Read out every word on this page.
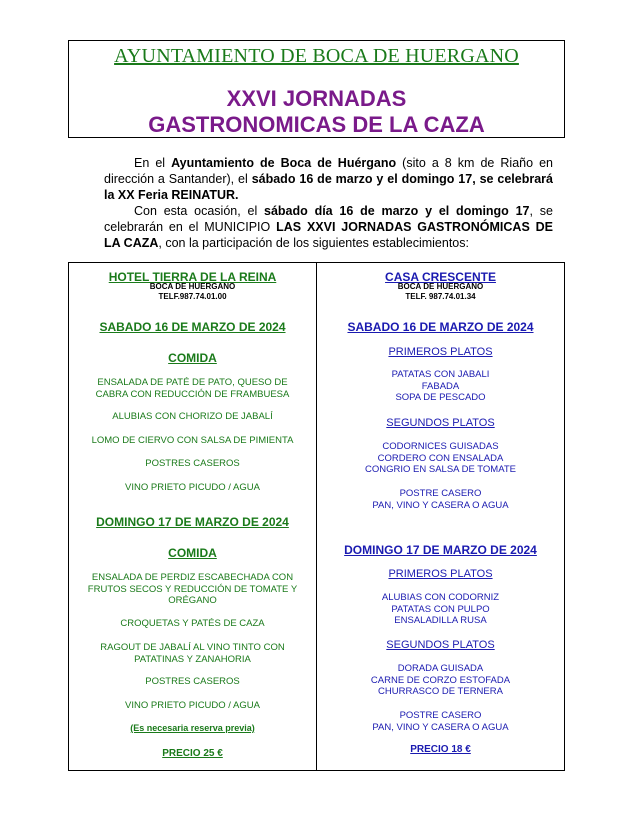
AYUNTAMIENTO DE BOCA DE HUERGANO
XXVI JORNADAS
GASTRONOMICAS DE LA CAZA

En el Ayuntamiento de Boca de Huérgano (sito a 8 km de Riaño en dirección a Santander), el sábado 16 de marzo y el domingo 17, se celebrará la XX Feria REINATUR.

Con esta ocasión, el sábado día 16 de marzo y el domingo 17, se celebrarán en el MUNICIPIO LAS XXVI JORNADAS GASTRONÓMICAS DE LA CAZA, con la participación de los siguientes establecimientos:

HOTEL TIERRA DE LA REINA
BOCA DE HUERGANO
TELF.987.74.01.00
SABADO 16 DE MARZO DE 2024
COMIDA
ENSALADA DE PATÉ DE PATO, QUESO DE
CABRA CON REDUCCIÓN DE FRAMBUESA
ALUBIAS CON CHORIZO DE JABALÍ
LOMO DE CIERVO CON SALSA DE PIMIENTA
POSTRES CASEROS
VINO PRIETO PICUDO / AGUA
DOMINGO 17 DE MARZO DE 2024
COMIDA
ENSALADA DE PERDIZ ESCABECHADA CON
FRUTOS SECOS Y REDUCCIÓN DE TOMATE Y
ORÉGANO
CROQUETAS Y PATÉS DE CAZA
RAGOUT DE JABALÍ AL VINO TINTO CON
PATATINAS Y ZANAHORIA
POSTRES CASEROS
VINO PRIETO PICUDO / AGUA
(Es necesaria reserva previa)
PRECIO 25 €
CASA CRESCENTE
BOCA DE HUERGANO
TELF. 987.74.01.34
SABADO 16 DE MARZO DE 2024
PRIMEROS PLATOS
PATATAS CON JABALI
FABADA
SOPA DE PESCADO
SEGUNDOS PLATOS
CODORNICES GUISADAS
CORDERO CON ENSALADA
CONGRIO EN SALSA DE TOMATE
POSTRE CASERO
PAN, VINO Y CASERA O AGUA
DOMINGO 17 DE MARZO DE 2024
PRIMEROS PLATOS
ALUBIAS CON CODORNIZ
PATATAS CON PULPO
ENSALADILLA RUSA
SEGUNDOS PLATOS
DORADA GUISADA
CARNE DE CORZO ESTOFADA
CHURRASCO DE TERNERA
POSTRE CASERO
PAN, VINO Y CASERA O AGUA
PRECIO 18 €
